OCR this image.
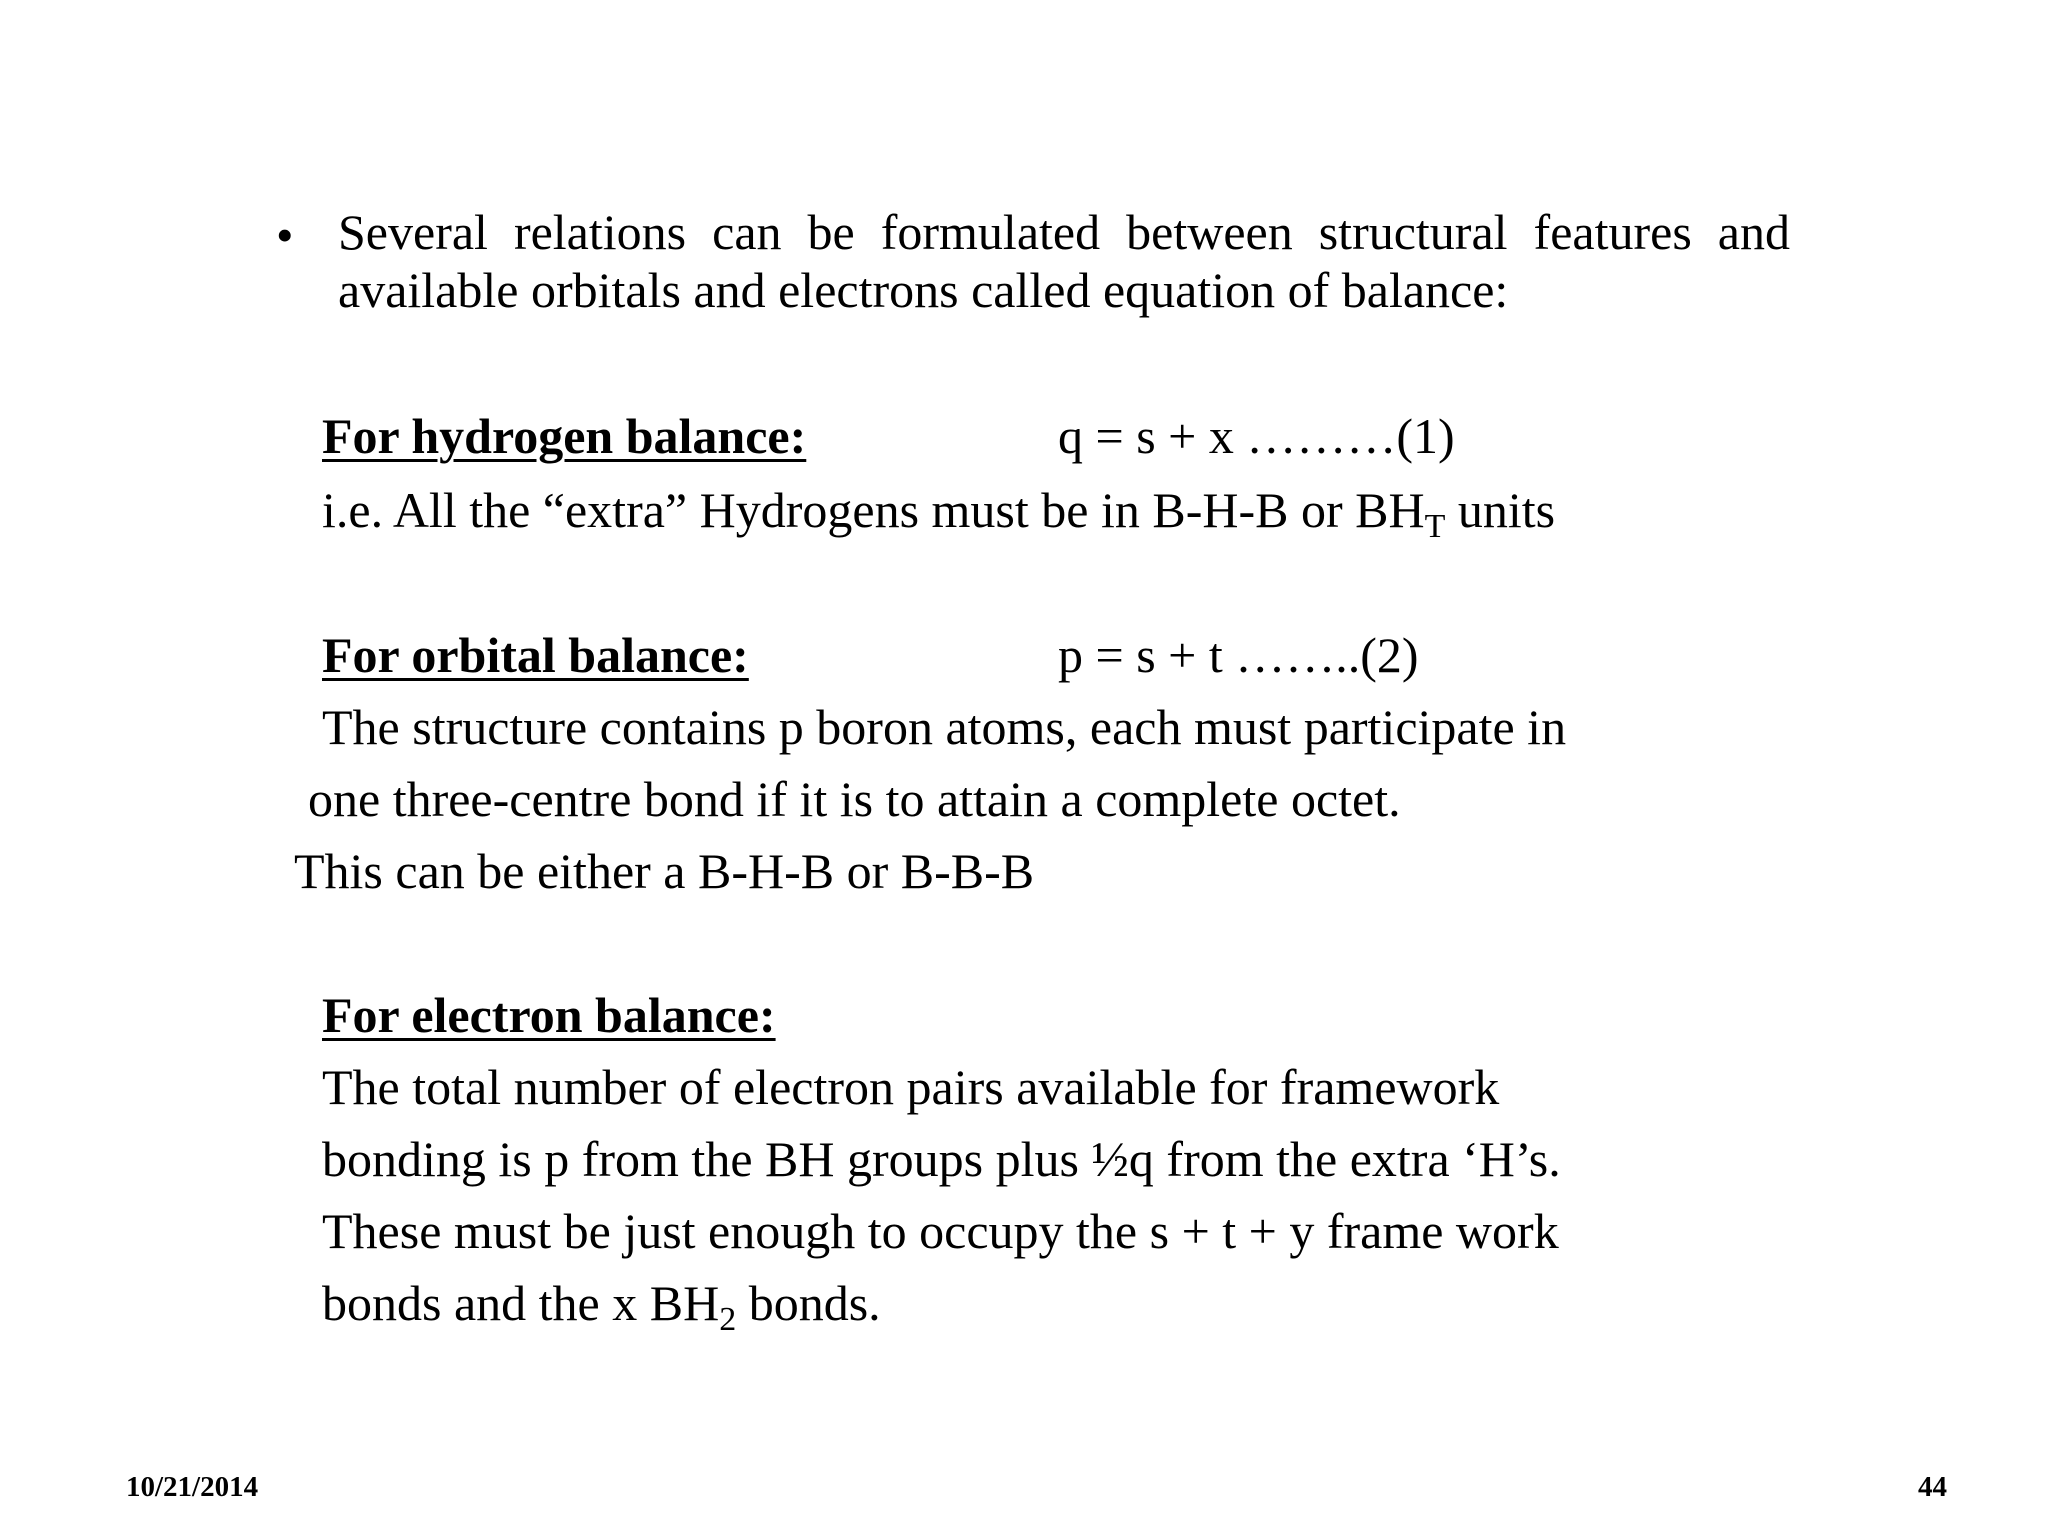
• Several relations can be formulated between structural features and available orbitals and electrons called equation of balance:
For hydrogen balance:	q = s + x ………(1)
i.e. All the “extra” Hydrogens must be in B-H-B or $BH_T$ units
For orbital balance:	p = s + t ……..(2)
The structure contains p boron atoms, each must participate in
one three-centre bond if it is to attain a complete octet.
This can be either a B-H-B or B-B-B
For electron balance:
The total number of electron pairs available for framework
bonding is p from the BH groups plus ½q from the extra ‘H’s.
These must be just enough to occupy the s + t + y frame work
bonds and the x $BH_2$ bonds.
10/21/2014	44
